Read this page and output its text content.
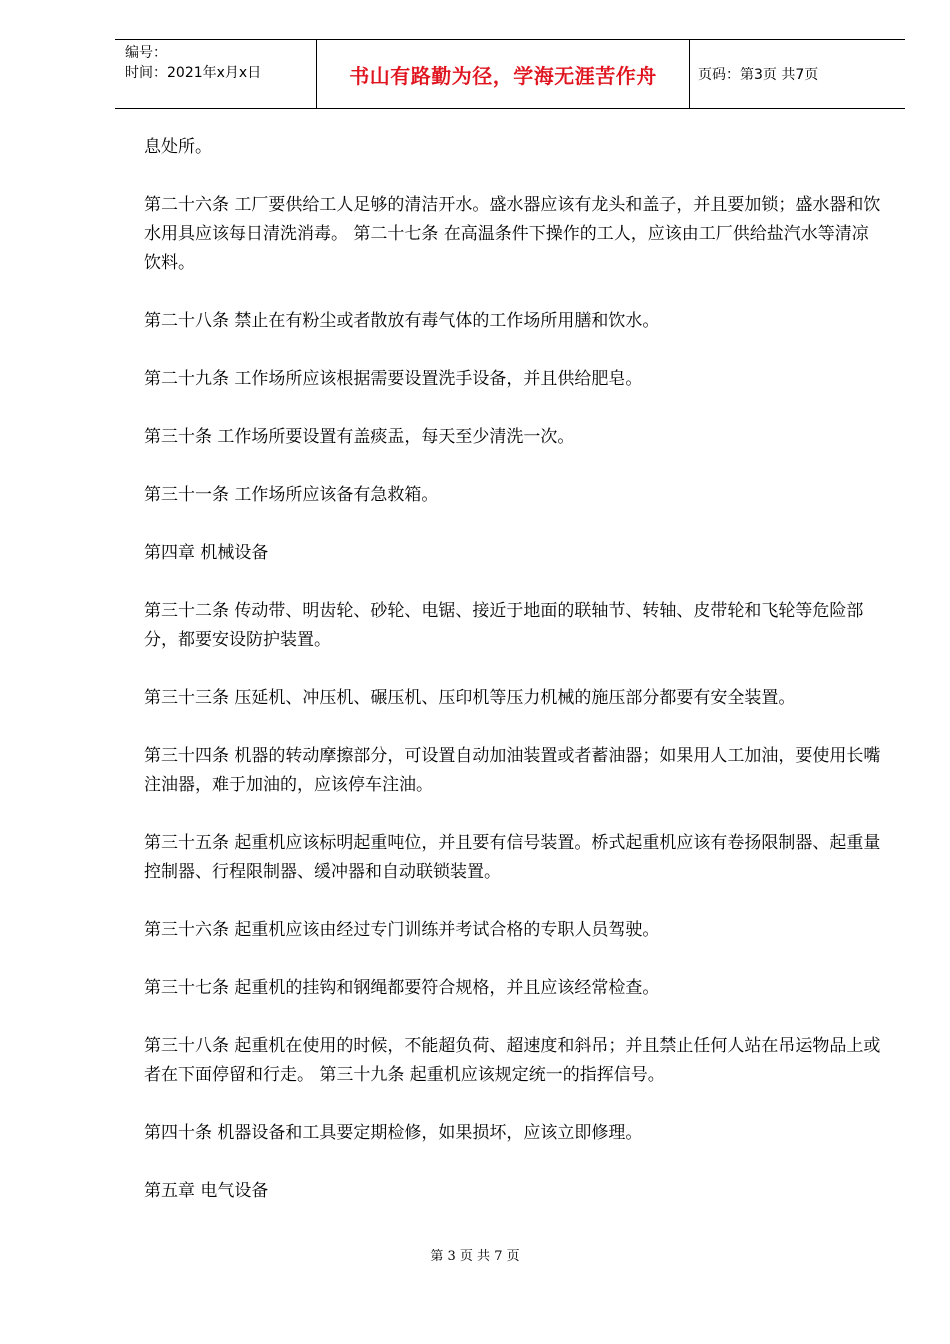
编号：
时间：2021年x月x日	书山有路勤为径，学海无涯苦作舟	页码：第3页 共7页

息处所。

第二十六条 工厂要供给工人足够的清洁开水。盛水器应该有龙头和盖子，并且要加锁；盛水器和饮水用具应该每日清洗消毒。 第二十七条 在高温条件下操作的工人，应该由工厂供给盐汽水等清凉饮料。

第二十八条 禁止在有粉尘或者散放有毒气体的工作场所用膳和饮水。

第二十九条 工作场所应该根据需要设置洗手设备，并且供给肥皂。

第三十条 工作场所要设置有盖痰盂，每天至少清洗一次。

第三十一条 工作场所应该备有急救箱。

第四章 机械设备

第三十二条 传动带、明齿轮、砂轮、电锯、接近于地面的联轴节、转轴、皮带轮和飞轮等危险部分，都要安设防护装置。

第三十三条 压延机、冲压机、碾压机、压印机等压力机械的施压部分都要有安全装置。

第三十四条 机器的转动摩擦部分，可设置自动加油装置或者蓄油器；如果用人工加油，要使用长嘴注油器，难于加油的，应该停车注油。

第三十五条 起重机应该标明起重吨位，并且要有信号装置。桥式起重机应该有卷扬限制器、起重量控制器、行程限制器、缓冲器和自动联锁装置。

第三十六条 起重机应该由经过专门训练并考试合格的专职人员驾驶。

第三十七条 起重机的挂钩和钢绳都要符合规格，并且应该经常检查。

第三十八条 起重机在使用的时候，不能超负荷、超速度和斜吊；并且禁止任何人站在吊运物品上或者在下面停留和行走。 第三十九条 起重机应该规定统一的指挥信号。

第四十条 机器设备和工具要定期检修，如果损坏，应该立即修理。

第五章 电气设备

第 3 页 共 7 页
